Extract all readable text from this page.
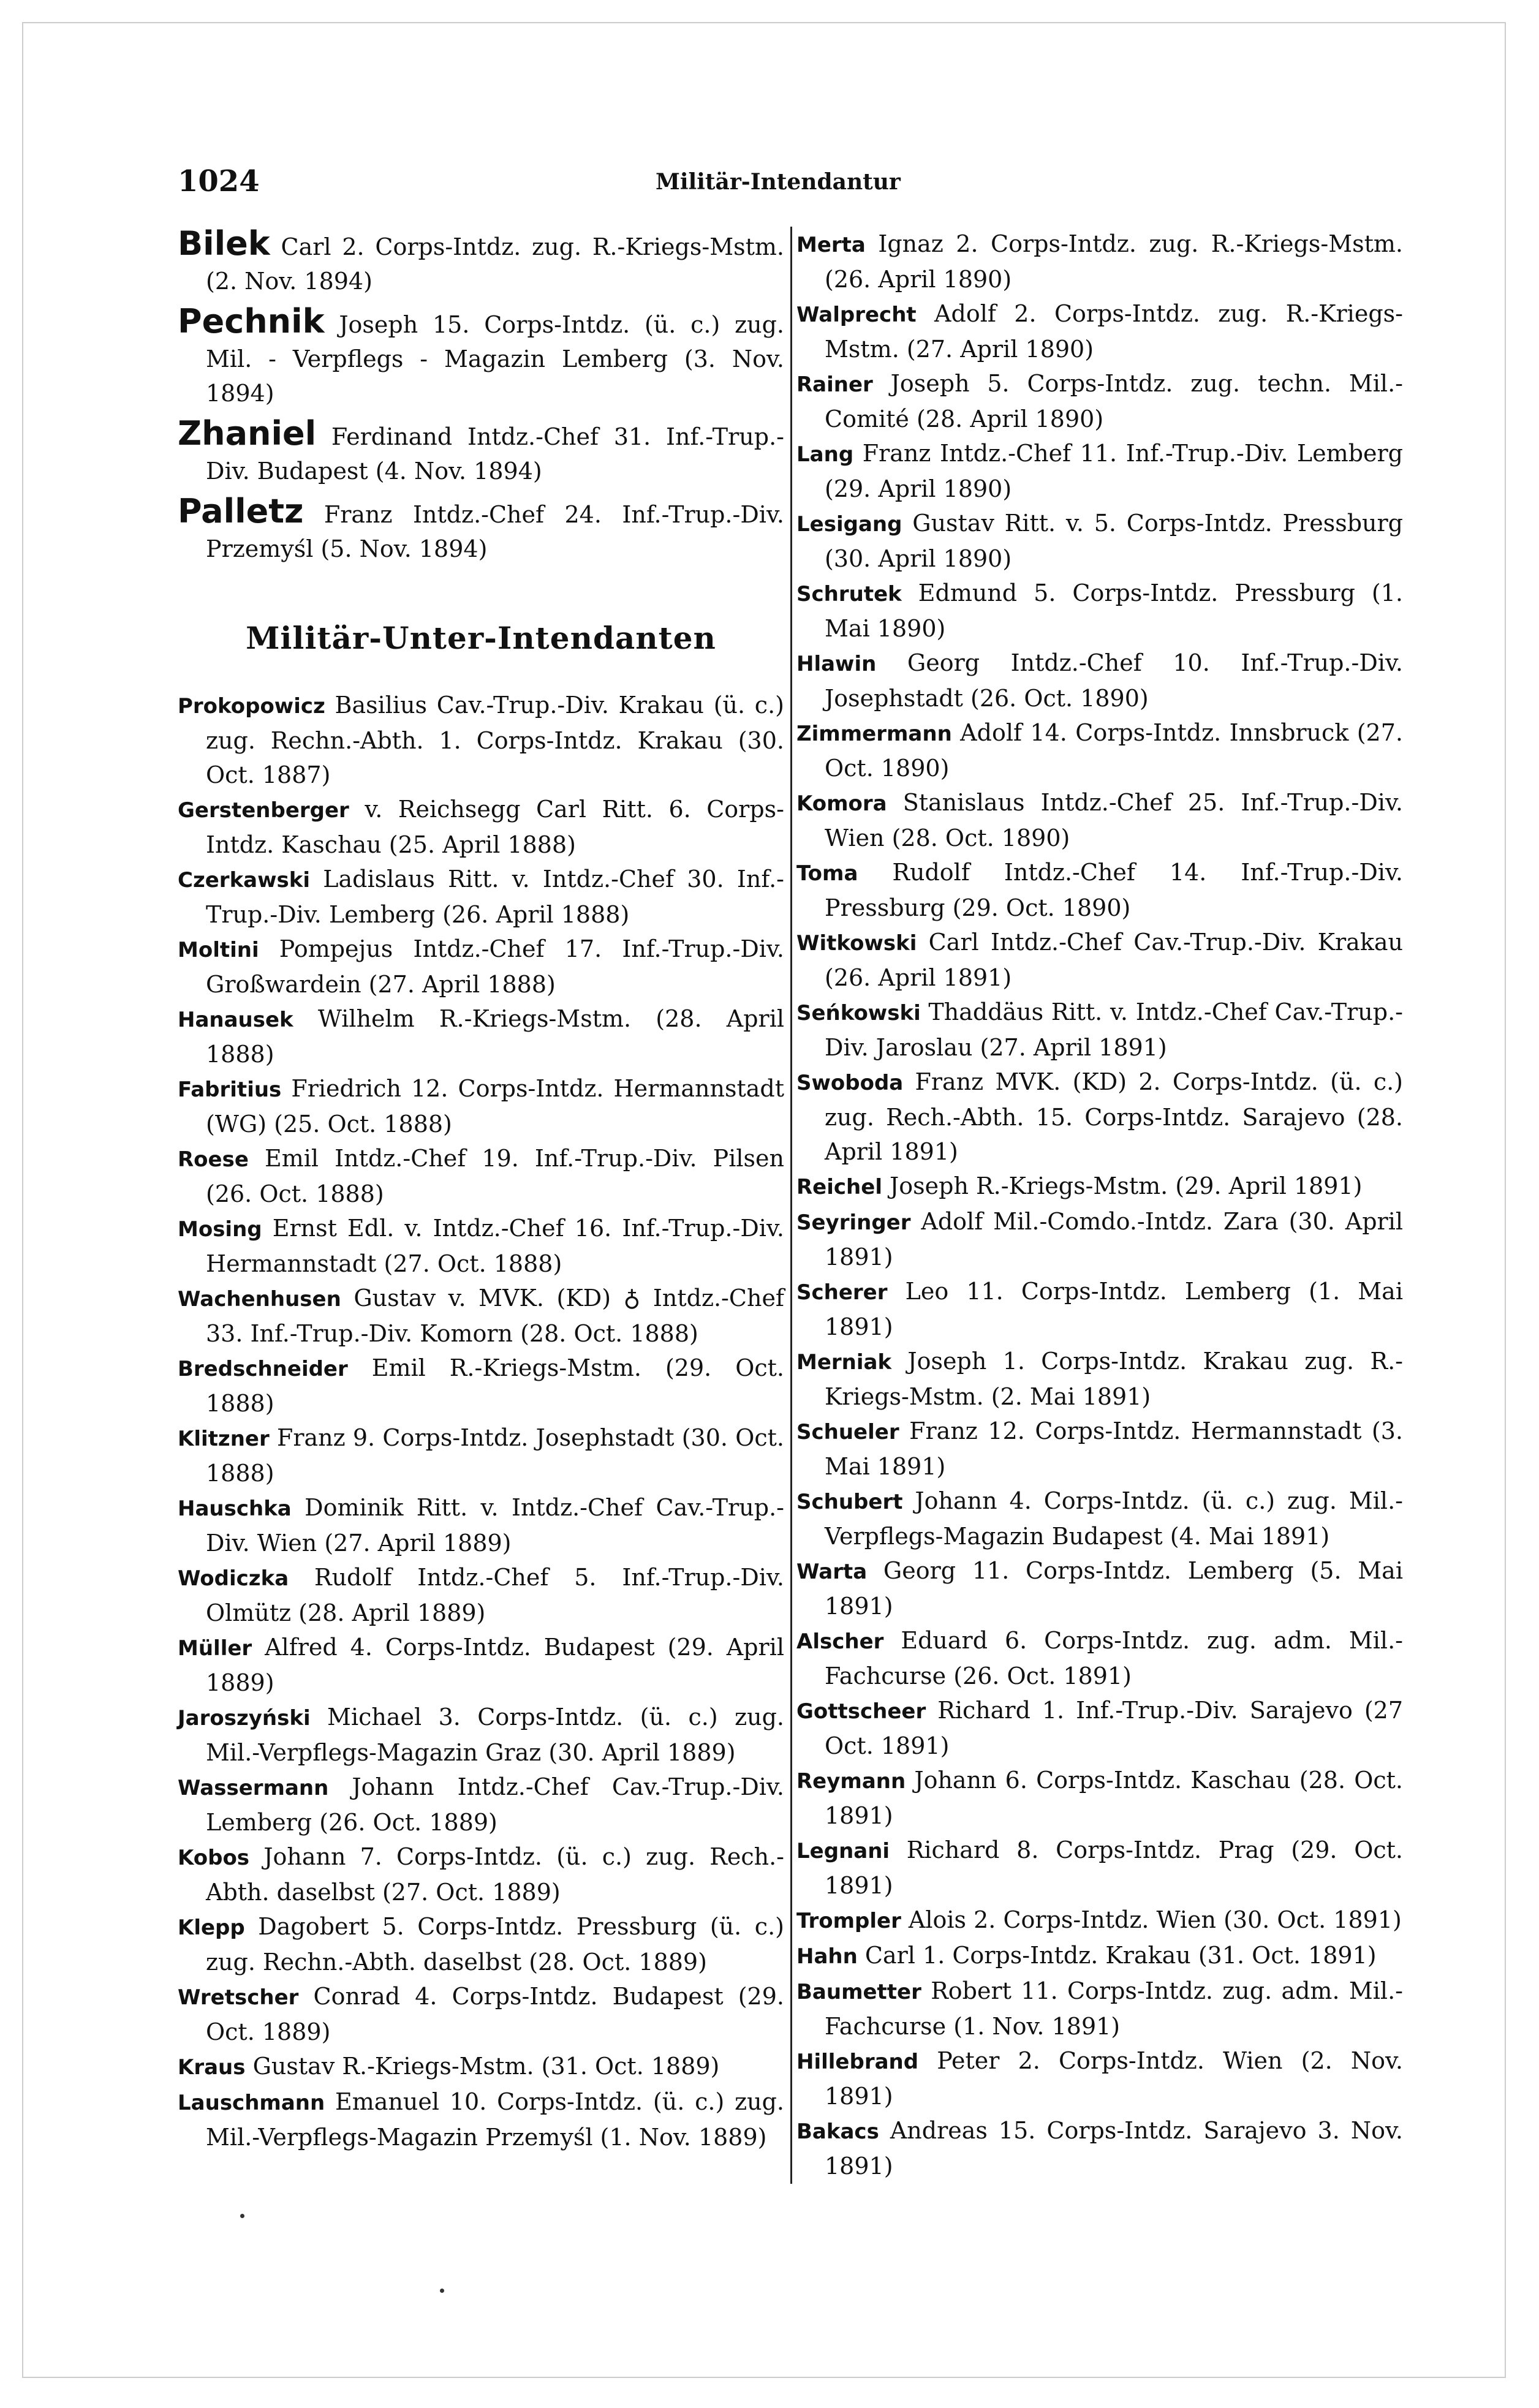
1024	Militär-Intendantur

Bilek Carl 2. Corps-Intdz. zug. R.-Kriegs-Mstm. (2. Nov. 1894)

Pechnik Joseph 15. Corps-Intdz. (ü. c.) zug. Mil. - Verpflegs - Magazin Lemberg (3. Nov. 1894)

Zhaniel Ferdinand Intdz.-Chef 31. Inf.-Trup.-Div. Budapest (4. Nov. 1894)

Palletz Franz Intdz.-Chef 24. Inf.-Trup.-Div. Przemyśl (5. Nov. 1894)

Militär-Unter-Intendanten

Prokopowicz Basilius Cav.-Trup.-Div. Krakau (ü. c.) zug. Rechn.-Abth. 1. Corps-Intdz. Krakau (30. Oct. 1887)

Gerstenberger v. Reichsegg Carl Ritt. 6. Corps-Intdz. Kaschau (25. April 1888)

Czerkawski Ladislaus Ritt. v. Intdz.-Chef 30. Inf.-Trup.-Div. Lemberg (26. April 1888)

Moltini Pompejus Intdz.-Chef 17. Inf.-Trup.-Div. Großwardein (27. April 1888)

Hanausek Wilhelm R.-Kriegs-Mstm. (28. April 1888)

Fabritius Friedrich 12. Corps-Intdz. Hermannstadt (WG) (25. Oct. 1888)

Roese Emil Intdz.-Chef 19. Inf.-Trup.-Div. Pilsen (26. Oct. 1888)

Mosing Ernst Edl. v. Intdz.-Chef 16. Inf.-Trup.-Div. Hermannstadt (27. Oct. 1888)

Wachenhusen Gustav v. MVK. (KD) ♁ Intdz.-Chef 33. Inf.-Trup.-Div. Komorn (28. Oct. 1888)

Bredschneider Emil R.-Kriegs-Mstm. (29. Oct. 1888)

Klitzner Franz 9. Corps-Intdz. Josephstadt (30. Oct. 1888)

Hauschka Dominik Ritt. v. Intdz.-Chef Cav.-Trup.-Div. Wien (27. April 1889)

Wodiczka Rudolf Intdz.-Chef 5. Inf.-Trup.-Div. Olmütz (28. April 1889)

Müller Alfred 4. Corps-Intdz. Budapest (29. April 1889)

Jaroszyński Michael 3. Corps-Intdz. (ü. c.) zug. Mil.-Verpflegs-Magazin Graz (30. April 1889)

Wassermann Johann Intdz.-Chef Cav.-Trup.-Div. Lemberg (26. Oct. 1889)

Kobos Johann 7. Corps-Intdz. (ü. c.) zug. Rech.-Abth. daselbst (27. Oct. 1889)

Klepp Dagobert 5. Corps-Intdz. Pressburg (ü. c.) zug. Rechn.-Abth. daselbst (28. Oct. 1889)

Wretscher Conrad 4. Corps-Intdz. Budapest (29. Oct. 1889)

Kraus Gustav R.-Kriegs-Mstm. (31. Oct. 1889)

Lauschmann Emanuel 10. Corps-Intdz. (ü. c.) zug. Mil.-Verpflegs-Magazin Przemyśl (1. Nov. 1889)

Merta Ignaz 2. Corps-Intdz. zug. R.-Kriegs-Mstm. (26. April 1890)

Walprecht Adolf 2. Corps-Intdz. zug. R.-Kriegs-Mstm. (27. April 1890)

Rainer Joseph 5. Corps-Intdz. zug. techn. Mil.-Comité (28. April 1890)

Lang Franz Intdz.-Chef 11. Inf.-Trup.-Div. Lemberg (29. April 1890)

Lesigang Gustav Ritt. v. 5. Corps-Intdz. Pressburg (30. April 1890)

Schrutek Edmund 5. Corps-Intdz. Pressburg (1. Mai 1890)

Hlawin Georg Intdz.-Chef 10. Inf.-Trup.-Div. Josephstadt (26. Oct. 1890)

Zimmermann Adolf 14. Corps-Intdz. Innsbruck (27. Oct. 1890)

Komora Stanislaus Intdz.-Chef 25. Inf.-Trup.-Div. Wien (28. Oct. 1890)

Toma Rudolf Intdz.-Chef 14. Inf.-Trup.-Div. Pressburg (29. Oct. 1890)

Witkowski Carl Intdz.-Chef Cav.-Trup.-Div. Krakau (26. April 1891)

Seńkowski Thaddäus Ritt. v. Intdz.-Chef Cav.-Trup.-Div. Jaroslau (27. April 1891)

Swoboda Franz MVK. (KD) 2. Corps-Intdz. (ü. c.) zug. Rech.-Abth. 15. Corps-Intdz. Sarajevo (28. April 1891)

Reichel Joseph R.-Kriegs-Mstm. (29. April 1891)

Seyringer Adolf Mil.-Comdo.-Intdz. Zara (30. April 1891)

Scherer Leo 11. Corps-Intdz. Lemberg (1. Mai 1891)

Merniak Joseph 1. Corps-Intdz. Krakau zug. R.-Kriegs-Mstm. (2. Mai 1891)

Schueler Franz 12. Corps-Intdz. Hermannstadt (3. Mai 1891)

Schubert Johann 4. Corps-Intdz. (ü. c.) zug. Mil.-Verpflegs-Magazin Budapest (4. Mai 1891)

Warta Georg 11. Corps-Intdz. Lemberg (5. Mai 1891)

Alscher Eduard 6. Corps-Intdz. zug. adm. Mil.-Fachcurse (26. Oct. 1891)

Gottscheer Richard 1. Inf.-Trup.-Div. Sarajevo (27 Oct. 1891)

Reymann Johann 6. Corps-Intdz. Kaschau (28. Oct. 1891)

Legnani Richard 8. Corps-Intdz. Prag (29. Oct. 1891)

Trompler Alois 2. Corps-Intdz. Wien (30. Oct. 1891)

Hahn Carl 1. Corps-Intdz. Krakau (31. Oct. 1891)

Baumetter Robert 11. Corps-Intdz. zug. adm. Mil.-Fachcurse (1. Nov. 1891)

Hillebrand Peter 2. Corps-Intdz. Wien (2. Nov. 1891)

Bakacs Andreas 15. Corps-Intdz. Sarajevo 3. Nov. 1891)
